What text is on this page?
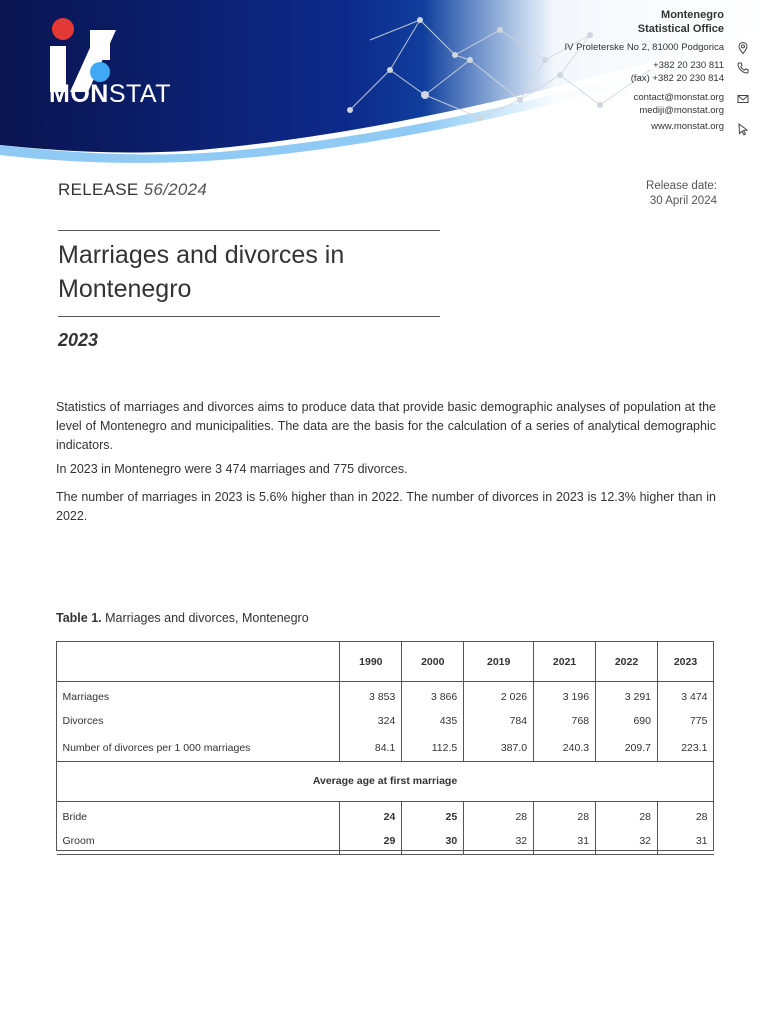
MONSTAT
Montenegro
Statistical Office
IV Proleterske No 2, 81000 Podgorica
+382 20 230 811
(fax) +382 20 230 814
contact@monstat.org
mediji@monstat.org
www.monstat.org
RELEASE 56/2024	Release date:
30 April 2024
Marriages and divorces in Montenegro
2023

Statistics of marriages and divorces aims to produce data that provide basic demographic analyses of population at the level of Montenegro and municipalities. The data are the basis for the calculation of a series of analytical demographic indicators.

In 2023 in Montenegro were 3 474 marriages and 775 divorces.

The number of marriages in 2023 is 5.6% higher than in 2022. The number of divorces in 2023 is 12.3% higher than in 2022.

Table 1. Marriages and divorces, Montenegro
	1990	2000	2019	2021	2022	2023
Marriages	3 853	3 866	2 026	3 196	3 291	3 474
Divorces	324	435	784	768	690	775
Number of divorces per 1 000 marriages	84.1	112.5	387.0	240.3	209.7	223.1
Average age at first marriage						
Bride	24	25	28	28	28	28
Groom	29	30	32	31	32	31
